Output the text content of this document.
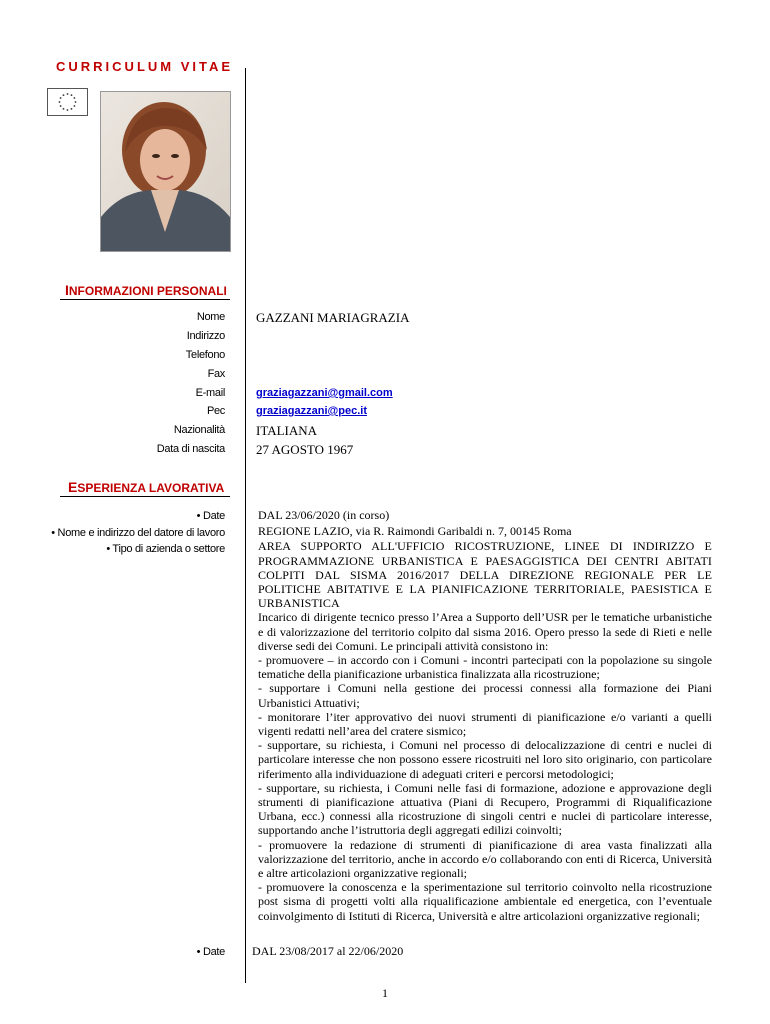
CURRICULUM VITAE
INFORMAZIONI PERSONALI
Nome
Indirizzo
Telefono
Fax
E-mail
Pec
Nazionalità
Data di nascita
GAZZANI MARIAGRAZIA
graziagazzani@gmail.com
graziagazzani@pec.it
ITALIANA
27 AGOSTO 1967
ESPERIENZA LAVORATIVA
• Date
• Nome e indirizzo del datore di lavoro
• Tipo di azienda o settore
DAL 23/06/2020 (in corso)
REGIONE LAZIO, via R. Raimondi Garibaldi n. 7, 00145 Roma
AREA SUPPORTO ALL'UFFICIO RICOSTRUZIONE, LINEE DI INDIRIZZO E PROGRAMMAZIONE URBANISTICA E PAESAGGISTICA DEI CENTRI ABITATI COLPITI DAL SISMA 2016/2017 DELLA DIREZIONE REGIONALE PER LE POLITICHE ABITATIVE E LA PIANIFICAZIONE TERRITORIALE, PAESISTICA E URBANISTICA

Incarico di dirigente tecnico presso l’Area a Supporto dell’USR per le tematiche urbanistiche e di valorizzazione del territorio colpito dal sisma 2016. Opero presso la sede di Rieti e nelle diverse sedi dei Comuni. Le principali attività consistono in:

- promuovere – in accordo con i Comuni - incontri partecipati con la popolazione su singole tematiche della pianificazione urbanistica finalizzata alla ricostruzione;

- supportare i Comuni nella gestione dei processi connessi alla formazione dei Piani Urbanistici Attuativi;

- monitorare l’iter approvativo dei nuovi strumenti di pianificazione e/o varianti a quelli vigenti redatti nell’area del cratere sismico;

- supportare, su richiesta, i Comuni nel processo di delocalizzazione di centri e nuclei di particolare interesse che non possono essere ricostruiti nel loro sito originario, con particolare riferimento alla individuazione di adeguati criteri e percorsi metodologici;

- supportare, su richiesta, i Comuni nelle fasi di formazione, adozione e approvazione degli strumenti di pianificazione attuativa (Piani di Recupero, Programmi di Riqualificazione Urbana, ecc.) connessi alla ricostruzione di singoli centri e nuclei di particolare interesse, supportando anche l’istruttoria degli aggregati edilizi coinvolti;

- promuovere la redazione di strumenti di pianificazione di area vasta finalizzati alla valorizzazione del territorio, anche in accordo e/o collaborando con enti di Ricerca, Università e altre articolazioni organizzative regionali;

- promuovere la conoscenza e la sperimentazione sul territorio coinvolto nella ricostruzione post sisma di progetti volti alla riqualificazione ambientale ed energetica, con l’eventuale coinvolgimento di Istituti di Ricerca, Università e altre articolazioni organizzative regionali;

• Date DAL 23/08/2017 al 22/06/2020
1
